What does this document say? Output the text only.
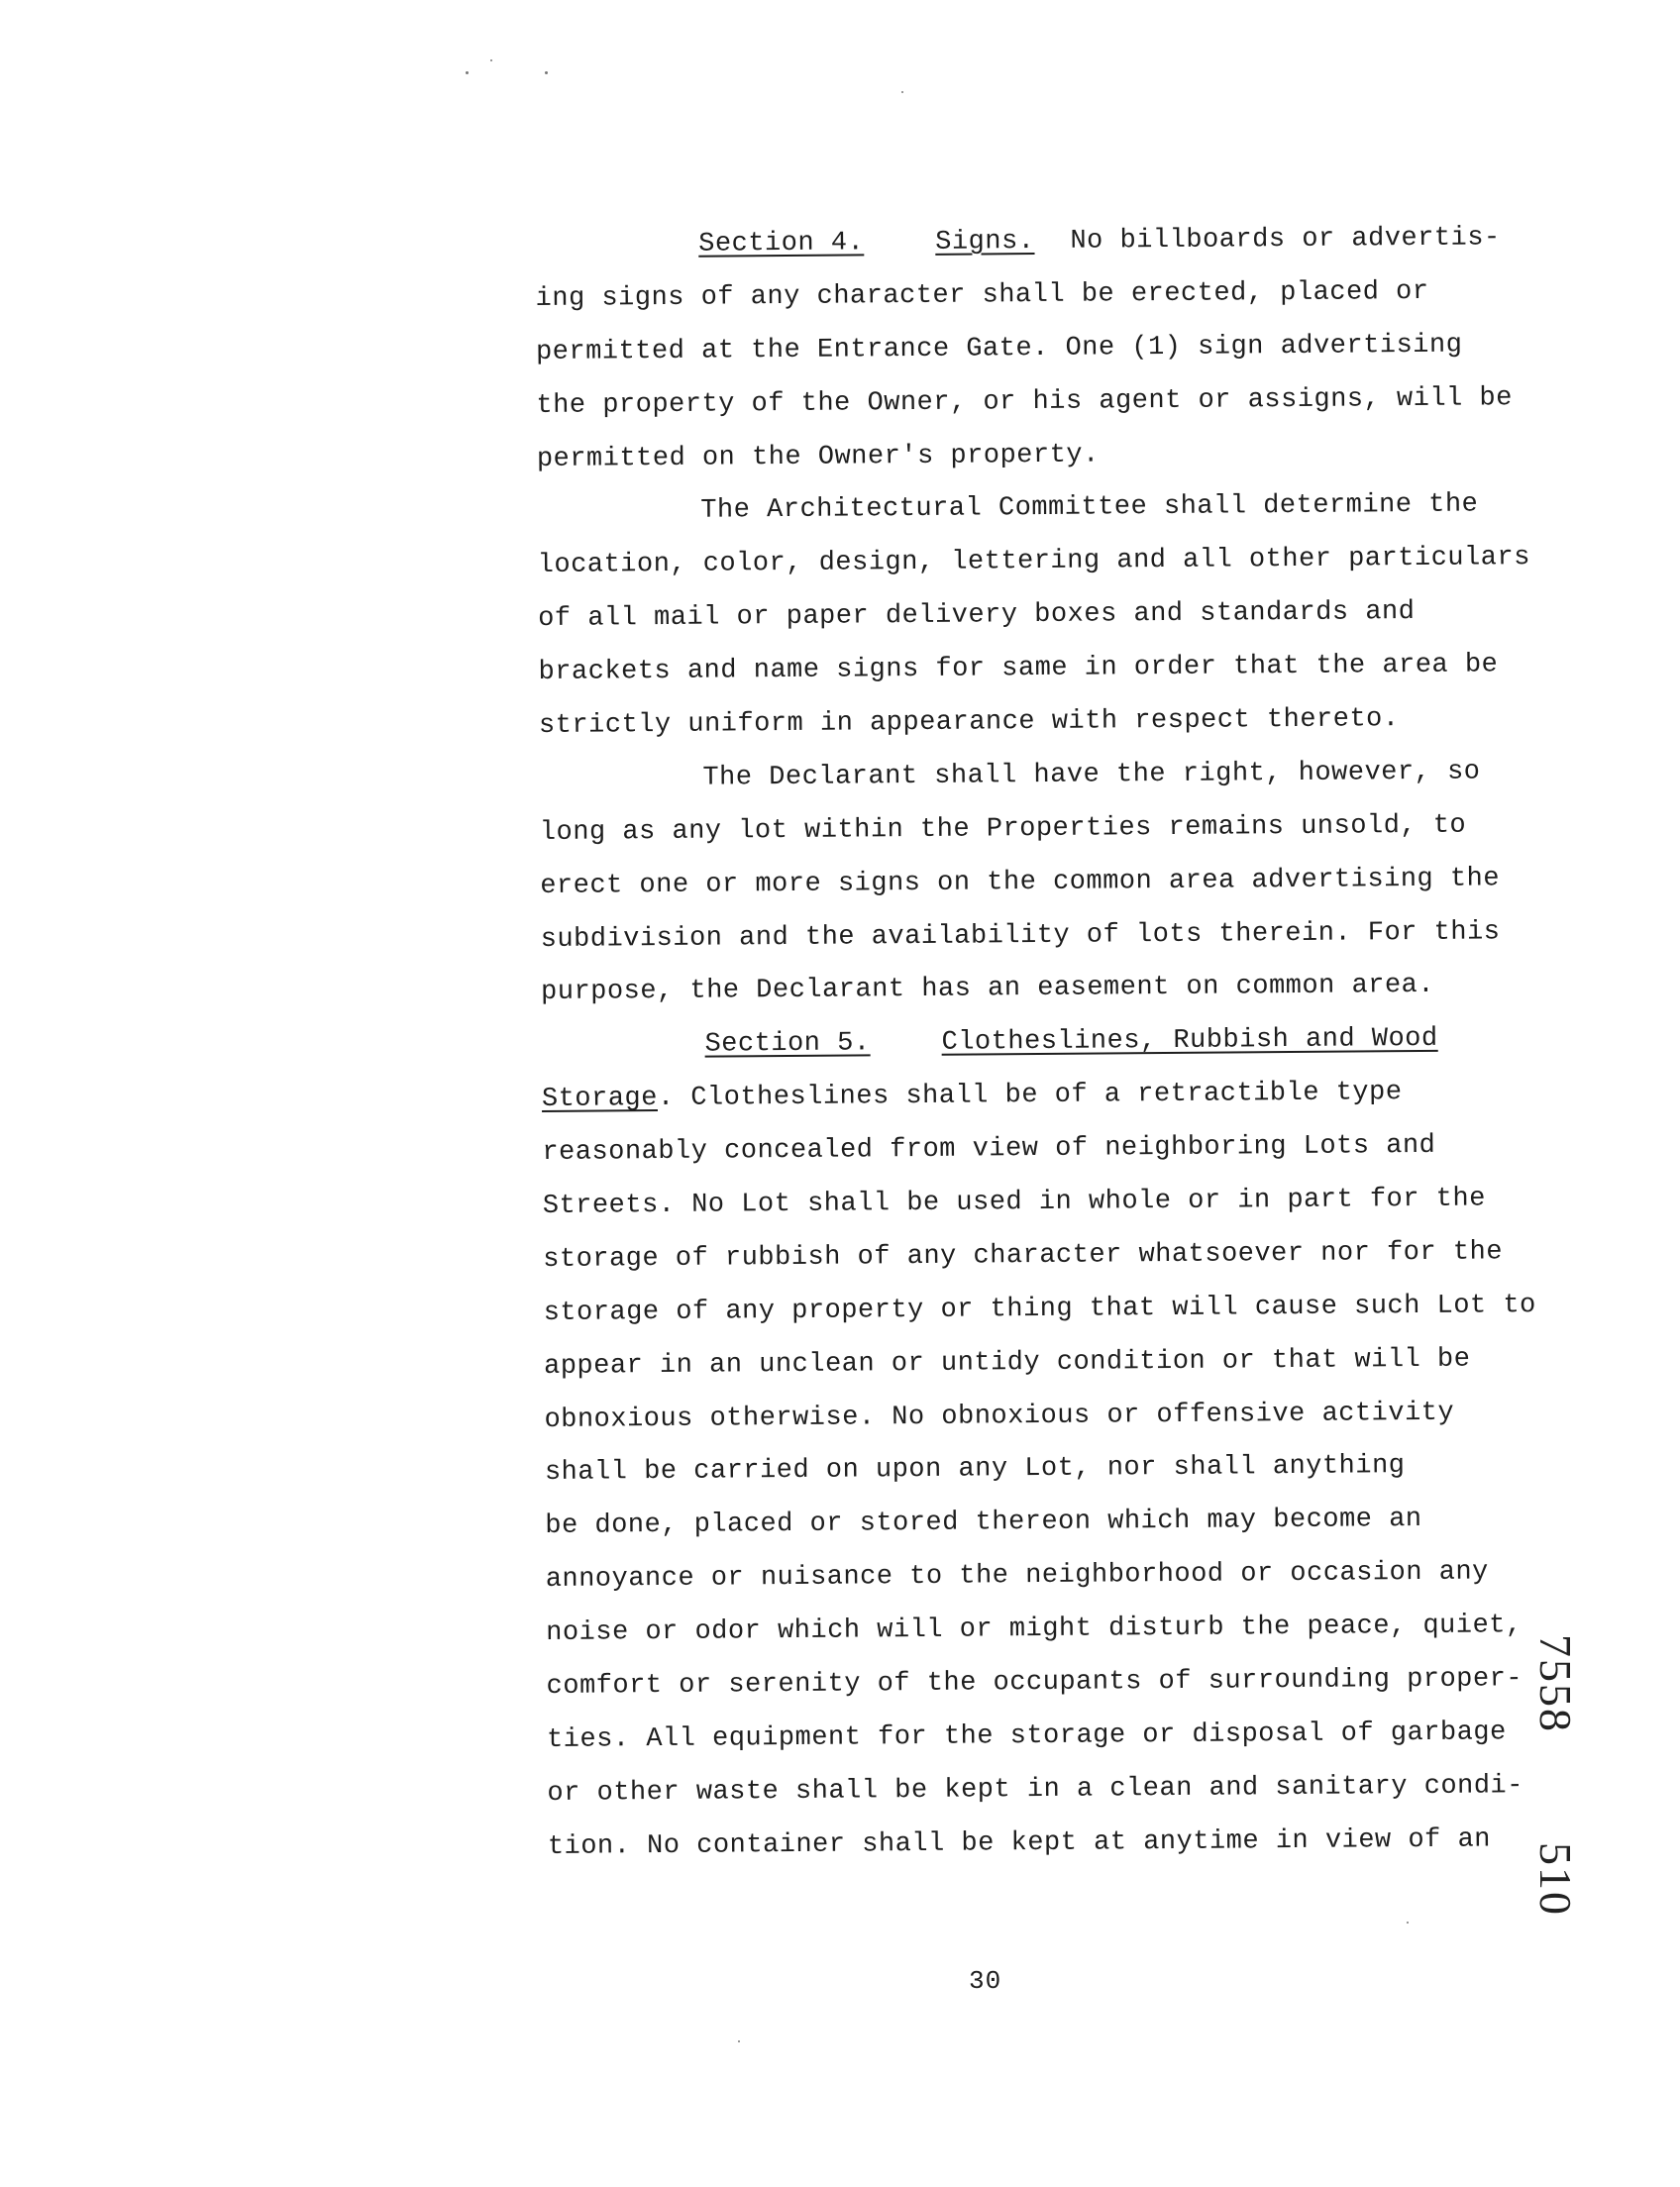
Section 4.	Signs. No billboards or advertis-
ing signs of any character shall be erected, placed or
permitted at the Entrance Gate. One (1) sign advertising
the property of the Owner, or his agent or assigns, will be
permitted on the Owner's property.
The Architectural Committee shall determine the
location, color, design, lettering and all other particulars
of all mail or paper delivery boxes and standards and
brackets and name signs for same in order that the area be
strictly uniform in appearance with respect thereto.
The Declarant shall have the right, however, so
long as any lot within the Properties remains unsold, to
erect one or more signs on the common area advertising the
subdivision and the availability of lots therein. For this
purpose, the Declarant has an easement on common area.
Section 5.	Clotheslines, Rubbish and Wood
Storage. Clotheslines shall be of a retractible type
reasonably concealed from view of neighboring Lots and
Streets. No Lot shall be used in whole or in part for the
storage of rubbish of any character whatsoever nor for the
storage of any property or thing that will cause such Lot to
appear in an unclean or untidy condition or that will be
obnoxious otherwise. No obnoxious or offensive activity
shall be carried on upon any Lot, nor shall anything
be done, placed or stored thereon which may become an
annoyance or nuisance to the neighborhood or occasion any
noise or odor which will or might disturb the peace, quiet,
comfort or serenity of the occupants of surrounding proper-
ties. All equipment for the storage or disposal of garbage
or other waste shall be kept in a clean and sanitary condi-
tion. No container shall be kept at anytime in view of an
30
7558510
